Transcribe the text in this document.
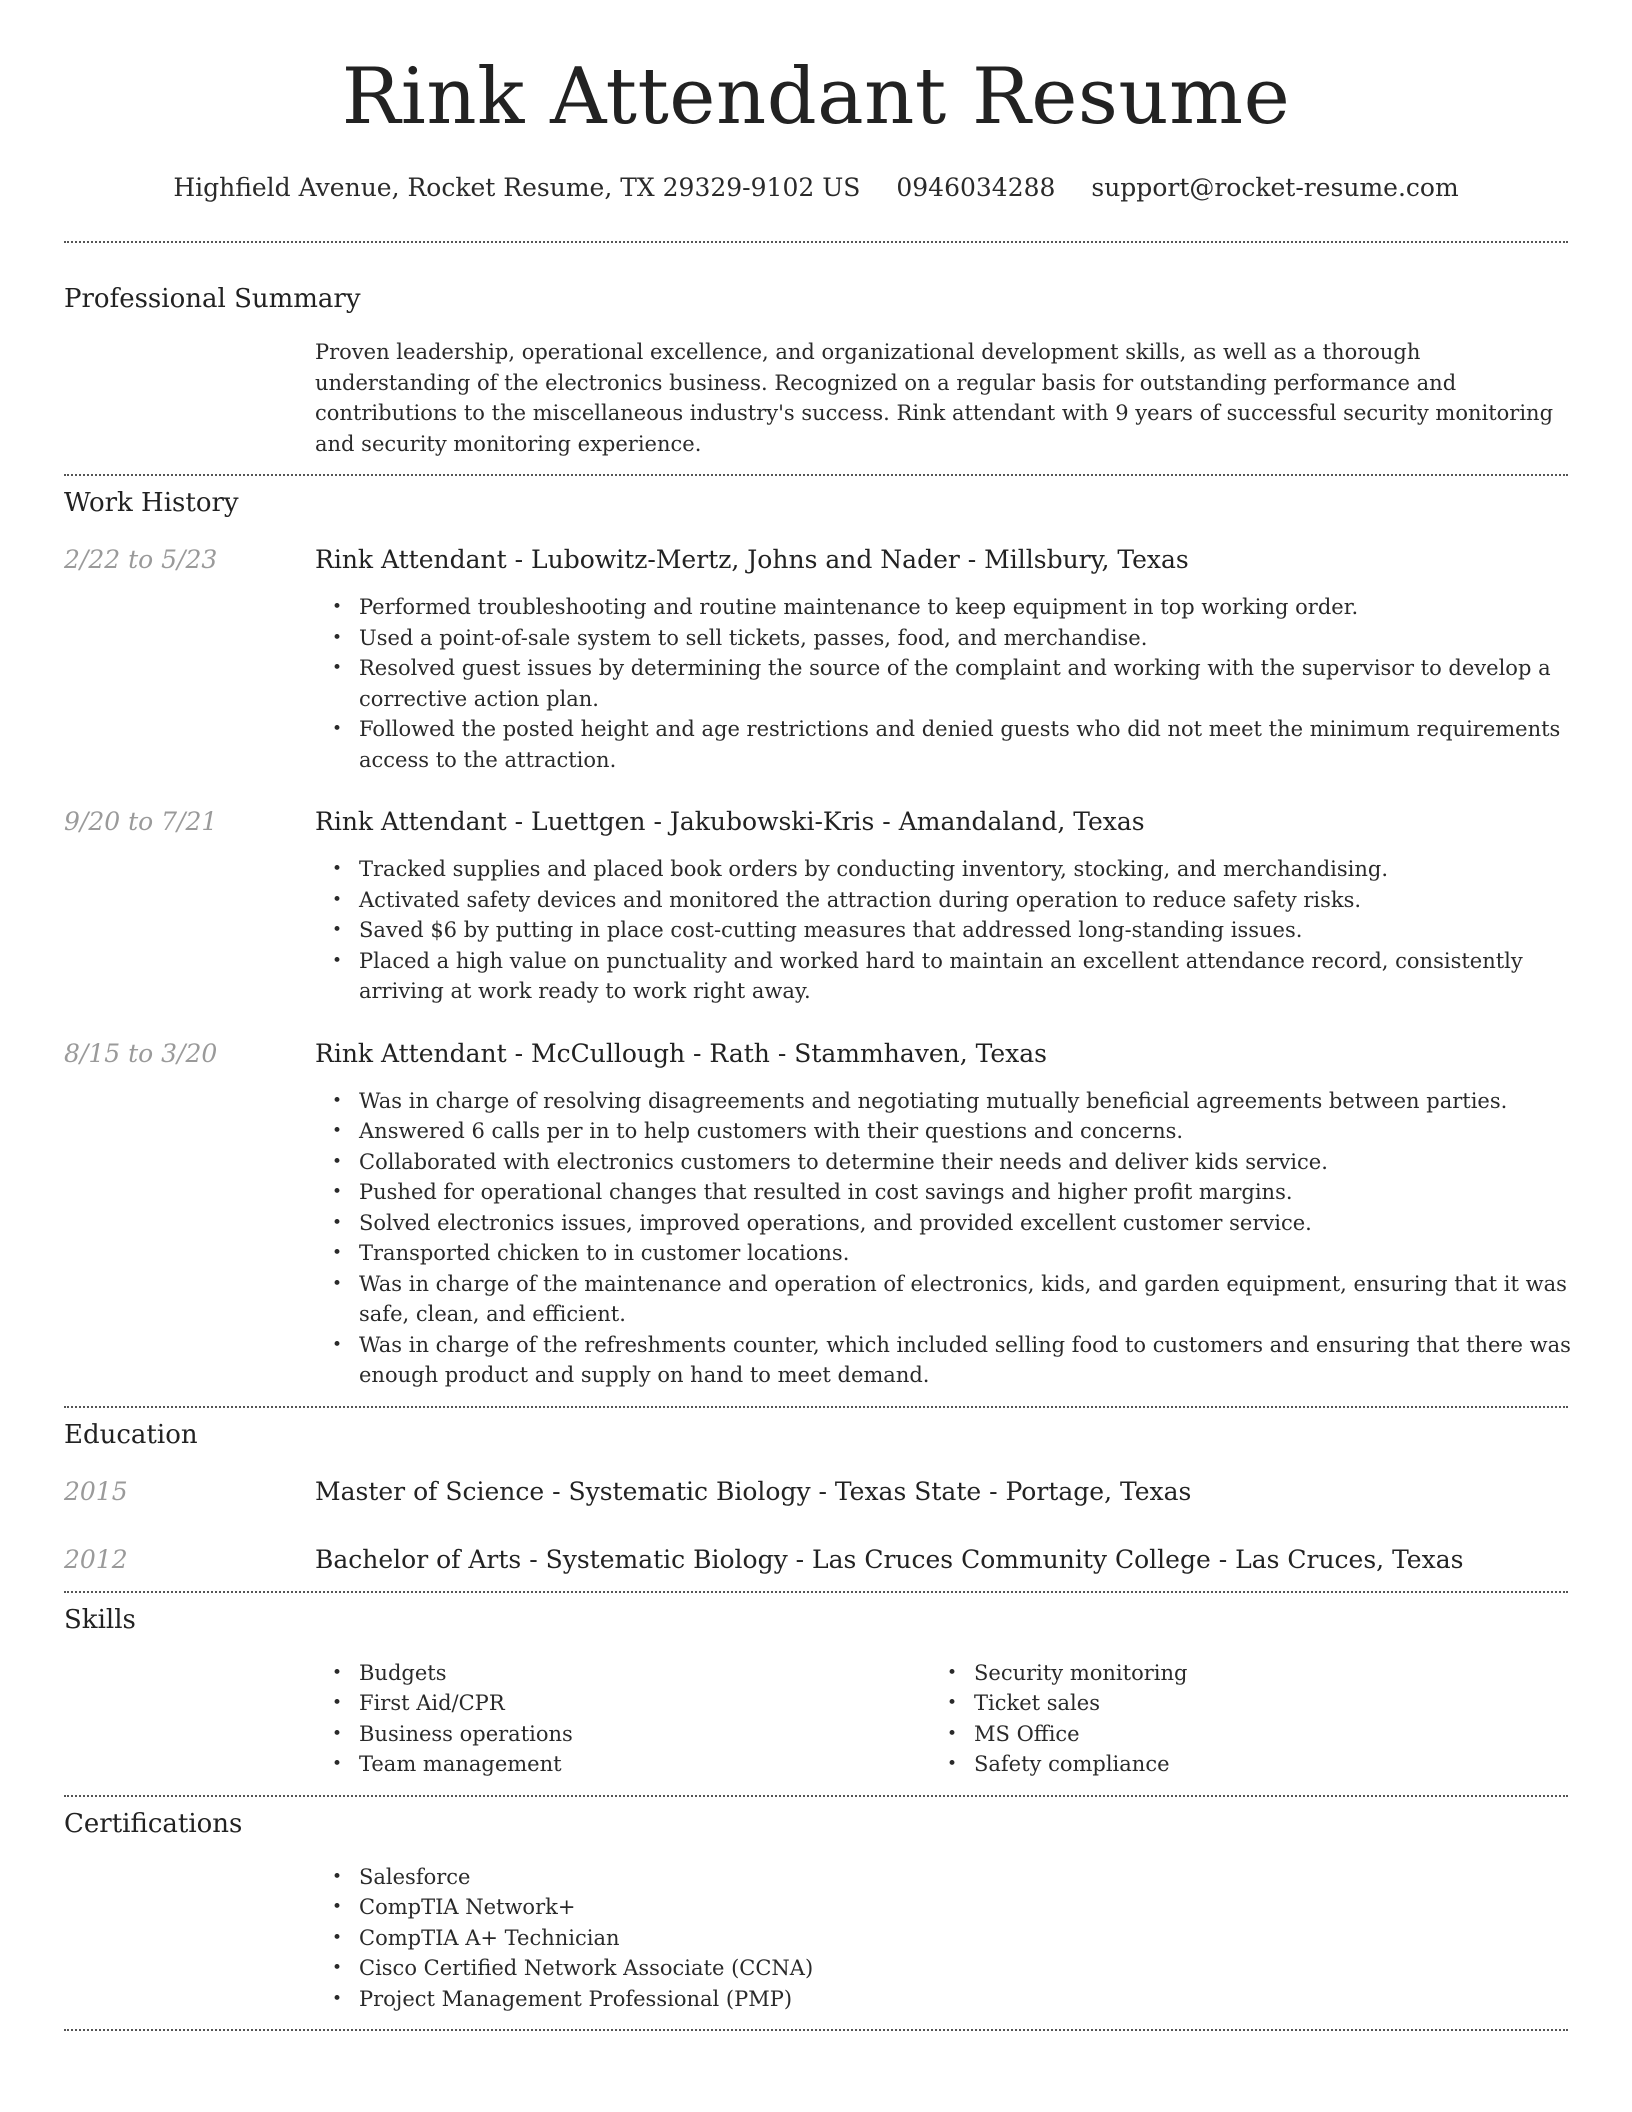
Rink Attendant Resume
Highfield Avenue, Rocket Resume, TX 29329-9102 US 0946034288 support@rocket-resume.com
Professional Summary
Proven leadership, operational excellence, and organizational development skills, as well as a thorough understanding of the electronics business. Recognized on a regular basis for outstanding performance and contributions to the miscellaneous industry's success. Rink attendant with 9 years of successful security monitoring and security monitoring experience.
Work History
2/22 to 5/23	Rink Attendant - Lubowitz-Mertz, Johns and Nader - Millsbury, Texas
• Performed troubleshooting and routine maintenance to keep equipment in top working order.
• Used a point-of-sale system to sell tickets, passes, food, and merchandise.
• Resolved guest issues by determining the source of the complaint and working with the supervisor to develop a corrective action plan.
• Followed the posted height and age restrictions and denied guests who did not meet the minimum requirements access to the attraction.
9/20 to 7/21	Rink Attendant - Luettgen - Jakubowski-Kris - Amandaland, Texas
• Tracked supplies and placed book orders by conducting inventory, stocking, and merchandising.
• Activated safety devices and monitored the attraction during operation to reduce safety risks.
• Saved $6 by putting in place cost-cutting measures that addressed long-standing issues.
• Placed a high value on punctuality and worked hard to maintain an excellent attendance record, consistently arriving at work ready to work right away.
8/15 to 3/20	Rink Attendant - McCullough - Rath - Stammhaven, Texas
• Was in charge of resolving disagreements and negotiating mutually beneficial agreements between parties.
• Answered 6 calls per in to help customers with their questions and concerns.
• Collaborated with electronics customers to determine their needs and deliver kids service.
• Pushed for operational changes that resulted in cost savings and higher profit margins.
• Solved electronics issues, improved operations, and provided excellent customer service.
• Transported chicken to in customer locations.
• Was in charge of the maintenance and operation of electronics, kids, and garden equipment, ensuring that it was safe, clean, and efficient.
• Was in charge of the refreshments counter, which included selling food to customers and ensuring that there was enough product and supply on hand to meet demand.
Education
2015	Master of Science - Systematic Biology - Texas State - Portage, Texas
2012	Bachelor of Arts - Systematic Biology - Las Cruces Community College - Las Cruces, Texas
Skills
• Budgets
• First Aid/CPR
• Business operations
• Team management
• Security monitoring
• Ticket sales
• MS Office
• Safety compliance
Certifications
• Salesforce
• CompTIA Network+
• CompTIA A+ Technician
• Cisco Certified Network Associate (CCNA)
• Project Management Professional (PMP)
